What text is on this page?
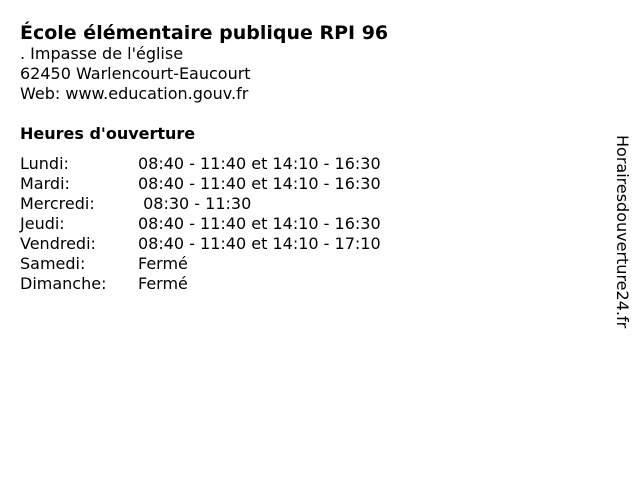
École élémentaire publique RPI 96
. Impasse de l'église
62450 Warlencourt-Eaucourt
Web: www.education.gouv.fr
Heures d'ouverture
Lundi:	08:40 - 11:40 et 14:10 - 16:30
Mardi:	08:40 - 11:40 et 14:10 - 16:30
Mercredi:	08:30 - 11:30
Jeudi:	08:40 - 11:40 et 14:10 - 16:30
Vendredi:	08:40 - 11:40 et 14:10 - 17:10
Samedi:	Fermé
Dimanche:	Fermé	Horairesdouverture24.fr
